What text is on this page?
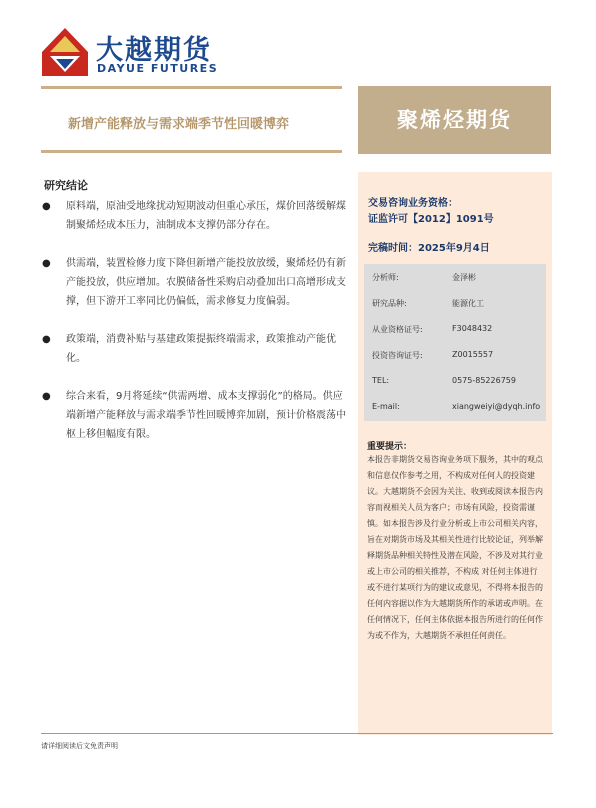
大越期货
DAYUE FUTURES
新增产能释放与需求端季节性回暖博弈	聚烯烃期货
研究结论
● 原料端，原油受地缘扰动短期波动但重心承压，煤价回落缓解煤制聚烯烃成本压力，油制成本支撑仍部分存在。
● 供需端，装置检修力度下降但新增产能投放放缓，聚烯烃仍有新产能投放，供应增加。农膜储备性采购启动叠加出口高增形成支撑，但下游开工率同比仍偏低，需求修复力度偏弱。
● 政策端，消费补贴与基建政策提振终端需求，政策推动产能优化。
● 综合来看，9月将延续“供需两增、成本支撑弱化”的格局。供应端新增产能释放与需求端季节性回暖博弈加剧，预计价格震荡中枢上移但幅度有限。
交易咨询业务资格：
证监许可【2012】1091号
完稿时间：2025年9月4日
分析师:	金泽彬
研究品种:	能源化工
从业资格证号:	F3048432
投资咨询证号:	Z0015557
TEL:	0575-85226759
E-mail:	xiangweiyi@dyqh.info
重要提示：
本报告非期货交易咨询业务项下服务，其中的观点和信息仅作参考之用，不构成对任何人的投资建议。大越期货不会因为关注、收到或阅读本报告内容而视相关人员为客户；市场有风险，投资需谨慎。如本报告涉及行业分析或上市公司相关内容，旨在对期货市场及其相关性进行比较论证，列举解释期货品种相关特性及潜在风险，不涉及对其行业或上市公司的相关推荐，不构成 对任何主体进行或不进行某项行为的建议或意见，不得将本报告的任何内容据以作为大越期货所作的承诺或声明。在任何情况下，任何主体依据本报告所进行的任何作为或不作为，大越期货不承担任何责任。
请详细阅读后文免责声明
